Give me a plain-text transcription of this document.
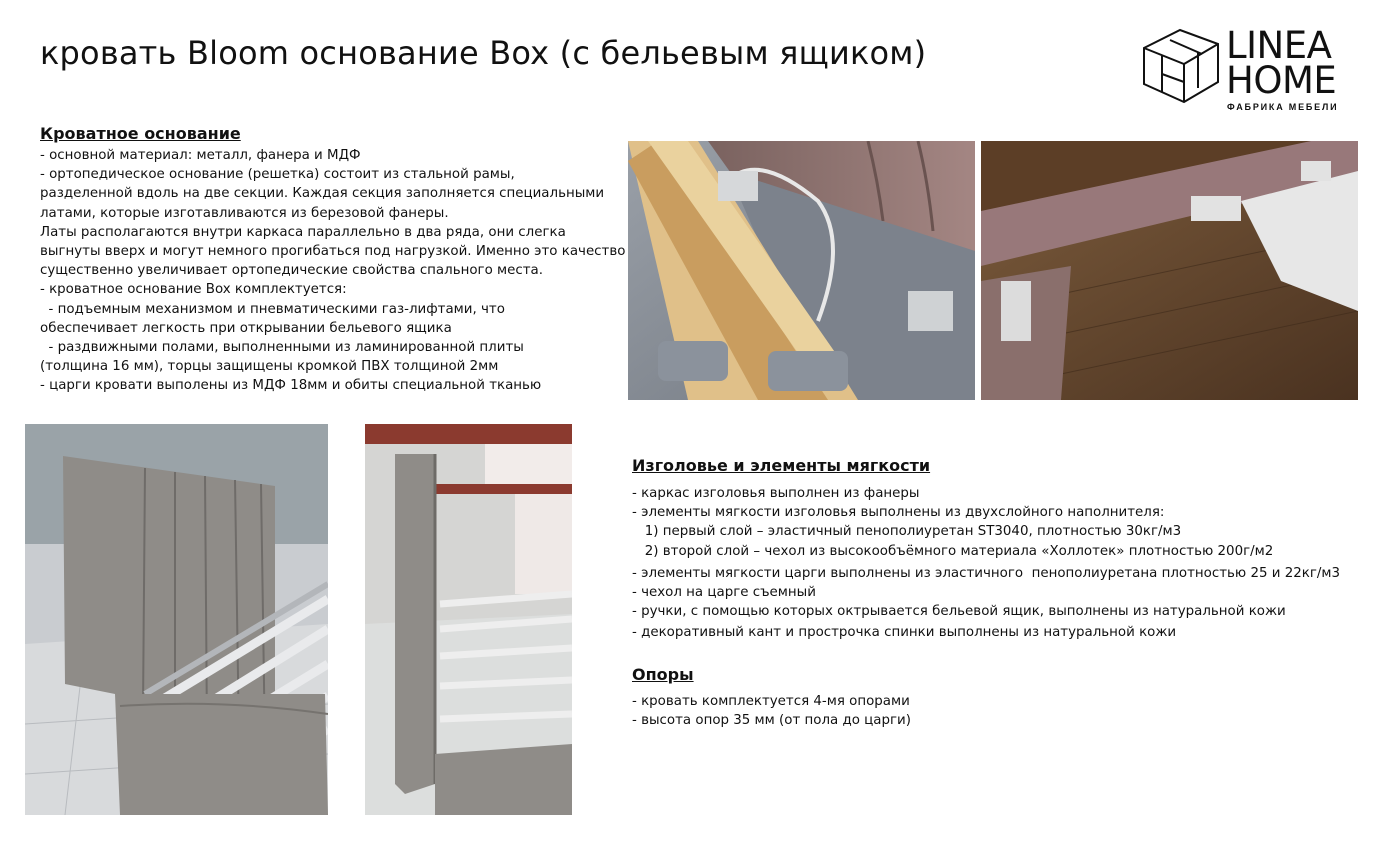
кровать Bloom основание Box (с бельевым ящиком)	LINEA
HOME
ФАБРИКА МЕБЕЛИ
Кроватное основание
- основной материал: металл, фанера и МДФ
- ортопедическое основание (решетка) состоит из стальной рамы,
разделенной вдоль на две секции. Каждая секция заполняется специальными
латами, которые изготавливаются из березовой фанеры.
Латы располагаются внутри каркаса параллельно в два ряда, они слегка
выгнуты вверх и могут немного прогибаться под нагрузкой. Именно это качество
существенно увеличивает ортопедические свойства спального места.
- кроватное основание Box комплектуется:
- подъемным механизмом и пневматическими газ-лифтами, что
обеспечивает легкость при открывании бельевого ящика
- раздвижными полами, выполненными из ламинированной плиты
(толщина 16 мм), торцы защищены кромкой ПВХ толщиной 2мм
- царги кровати выполены из МДФ 18мм и обиты специальной тканью
Изголовье и элементы мягкости
- каркас изголовья выполнен из фанеры
- элементы мягкости изголовья выполнены из двухслойного наполнителя:
1) первый слой – эластичный пенополиуретан ST3040, плотностью 30кг/м3
2) второй слой – чехол из высокообъёмного материала «Холлотек» плотностью 200г/м2
- элементы мягкости царги выполнены из эластичного  пенополиуретана плотностью 25 и 22кг/м3
- чехол на царге съемный
- ручки, с помощью которых октрывается бельевой ящик, выполнены из натуральной кожи
- декоративный кант и прострочка спинки выполнены из натуральной кожи
Опоры
- кровать комплектуется 4-мя опорами
- высота опор 35 мм (от пола до царги)
